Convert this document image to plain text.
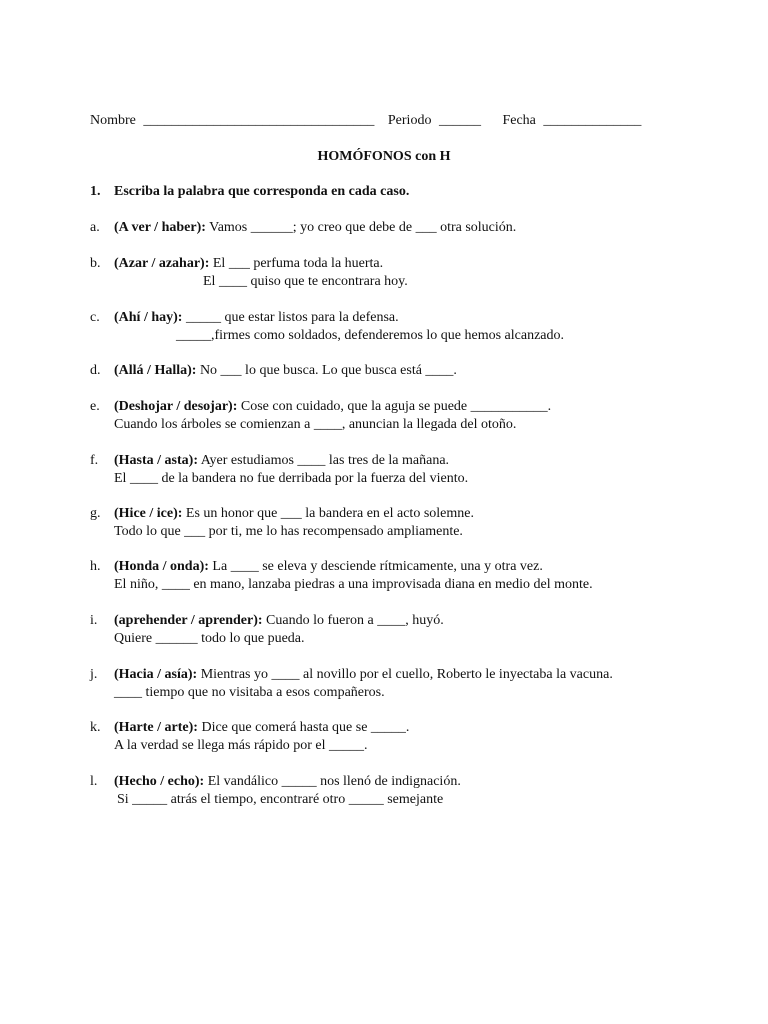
Nombre _________________________________ Periodo ______ Fecha ______________
HOMÓFONOS con H
1. Escriba la palabra que corresponda en cada caso.
a.	(A ver / haber): Vamos ______; yo creo que debe de ___ otra solución.
b. (Azar / azahar): El ___ perfuma toda la huerta.
El ____ quiso que te encontrara hoy.
c.	(Ahí / hay): _____ que estar listos para la defensa.
_____,firmes como soldados, defenderemos lo que hemos alcanzado.
d. (Allá / Halla): No ___ lo que busca. Lo que busca está ____.
e.	(Deshojar / desojar): Cose con cuidado, que la aguja se puede ___________.
Cuando los árboles se comienzan a ____, anuncian la llegada del otoño.
f.	(Hasta / asta): Ayer estudiamos ____ las tres de la mañana.
El ____ de la bandera no fue derribada por la fuerza del viento.
g. (Hice / ice): Es un honor que ___ la bandera en el acto solemne.
Todo lo que ___ por ti, me lo has recompensado ampliamente.
h. (Honda / onda): La ____ se eleva y desciende rítmicamente, una y otra vez.
El niño, ____ en mano, lanzaba piedras a una improvisada diana en medio del monte.
i.	(aprehender / aprender): Cuando lo fueron a ____, huyó.
Quiere ______ todo lo que pueda.
j.	(Hacia / asía): Mientras yo ____ al novillo por el cuello, Roberto le inyectaba la vacuna.
____ tiempo que no visitaba a esos compañeros.
k. (Harte / arte): Dice que comerá hasta que se _____.
A la verdad se llega más rápido por el _____.
l.	(Hecho / echo): El vandálico _____ nos llenó de indignación.
Si _____ atrás el tiempo, encontraré otro _____ semejante
